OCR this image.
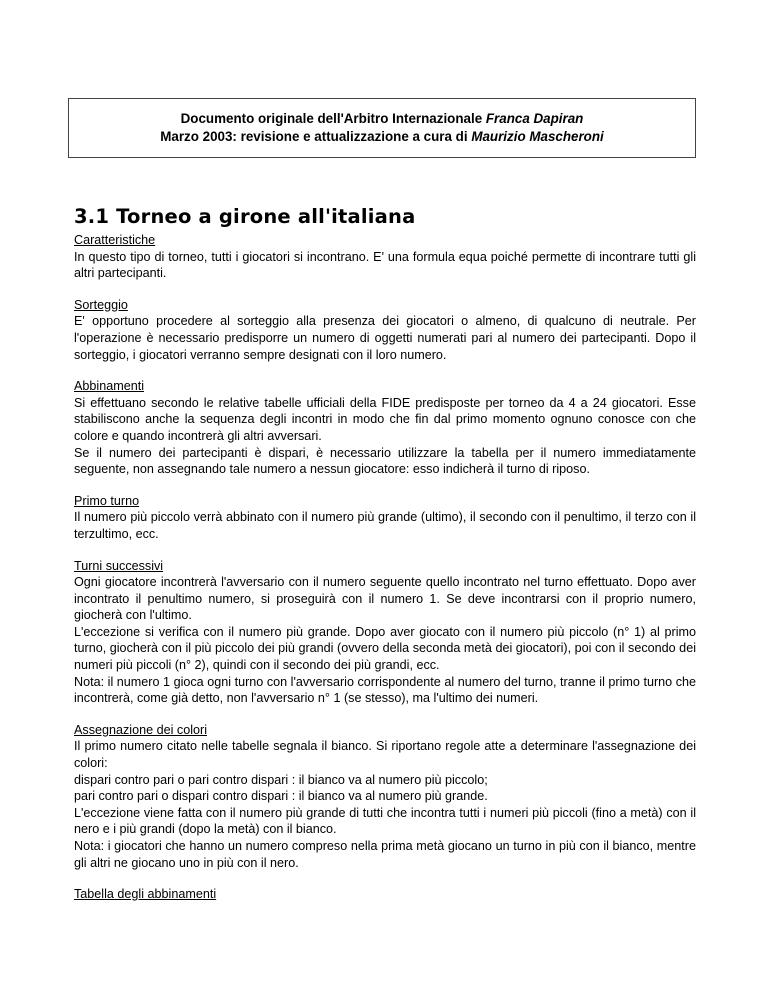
Documento originale dell'Arbitro Internazionale Franca Dapiran
Marzo 2003: revisione e attualizzazione a cura di Maurizio Mascheroni
3.1 Torneo a girone all'italiana
Caratteristiche
In questo tipo di torneo, tutti i giocatori si incontrano. E' una formula equa poiché permette di incontrare tutti gli altri partecipanti.
Sorteggio
E' opportuno procedere al sorteggio alla presenza dei giocatori o almeno, di qualcuno di neutrale. Per l'operazione è necessario predisporre un numero di oggetti numerati pari al numero dei partecipanti. Dopo il sorteggio, i giocatori verranno sempre designati con il loro numero.
Abbinamenti
Si effettuano secondo le relative tabelle ufficiali della FIDE predisposte per torneo da 4 a 24 giocatori. Esse stabiliscono anche la sequenza degli incontri in modo che fin dal primo momento ognuno conosce con che colore e quando incontrerà gli altri avversari.
Se il numero dei partecipanti è dispari, è necessario utilizzare la tabella per il numero immediatamente seguente, non assegnando tale numero a nessun giocatore: esso indicherà il turno di riposo.
Primo turno
Il numero più piccolo verrà abbinato con il numero più grande (ultimo), il secondo con il penultimo, il terzo con il terzultimo, ecc.
Turni successivi
Ogni giocatore incontrerà l'avversario con il numero seguente quello incontrato nel turno effettuato. Dopo aver incontrato il penultimo numero, si proseguirà con il numero 1. Se deve incontrarsi con il proprio numero, giocherà con l'ultimo.
L'eccezione si verifica con il numero più grande. Dopo aver giocato con il numero più piccolo (n° 1) al primo turno, giocherà con il più piccolo dei più grandi (ovvero della seconda metà dei giocatori), poi con il secondo dei numeri più piccoli (n° 2), quindi con il secondo dei più grandi, ecc.
Nota: il numero 1 gioca ogni turno con l'avversario corrispondente al numero del turno, tranne il primo turno che incontrerà, come già detto, non l'avversario n° 1 (se stesso), ma l'ultimo dei numeri.
Assegnazione dei colori
Il primo numero citato nelle tabelle segnala il bianco. Si riportano regole atte a determinare l'assegnazione dei colori:
dispari contro pari o pari contro dispari : il bianco va al numero più piccolo;
pari contro pari o dispari contro dispari : il bianco va al numero più grande.
L'eccezione viene fatta con il numero più grande di tutti che incontra tutti i numeri più piccoli (fino a metà) con il nero e i più grandi (dopo la metà) con il bianco.
Nota: i giocatori che hanno un numero compreso nella prima metà giocano un turno in più con il bianco, mentre gli altri ne giocano uno in più con il nero.
Tabella degli abbinamenti
